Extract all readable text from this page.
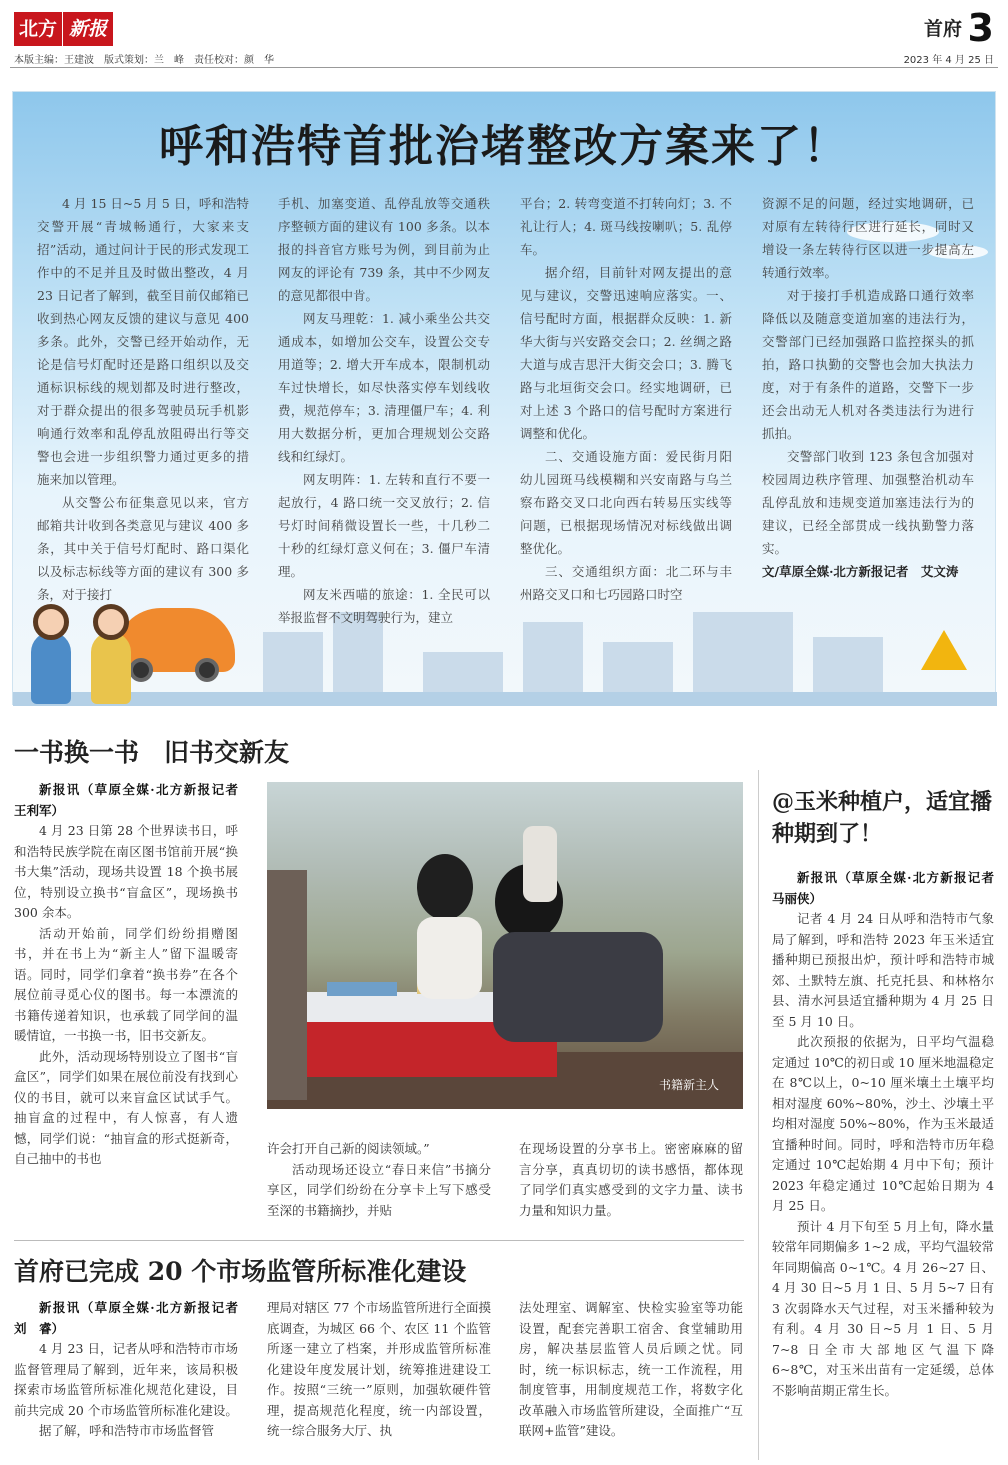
北方 新报
本版主编：王建波　版式策划：兰　峰　责任校对：颜　华
首府 3
2023 年 4 月 25 日
呼和浩特首批治堵整改方案来了！

4 月 15 日~5 月 5 日，呼和浩特交警开展“青城畅通行，大家来支招”活动，通过问计于民的形式发现工作中的不足并且及时做出整改，4 月 23 日记者了解到，截至目前仅邮箱已收到热心网友反馈的建议与意见 400 多条。此外，交警已经开始动作，无论是信号灯配时还是路口组织以及交通标识标线的规划都及时进行整改，对于群众提出的很多驾驶员玩手机影响通行效率和乱停乱放阻碍出行等交警也会进一步组织警力通过更多的措施来加以管理。

从交警公布征集意见以来，官方邮箱共计收到各类意见与建议 400 多条，其中关于信号灯配时、路口渠化以及标志标线等方面的建议有 300 多条，对于接打

手机、加塞变道、乱停乱放等交通秩序整顿方面的建议有 100 多条。以本报的抖音官方账号为例，到目前为止网友的评论有 739 条，其中不少网友的意见都很中肯。

网友马理乾：1. 减小乘坐公共交通成本，如增加公交车，设置公交专用道等；2. 增大开车成本，限制机动车过快增长，如尽快落实停车划线收费，规范停车；3. 清理僵尸车；4. 利用大数据分析，更加合理规划公交路线和红绿灯。

网友明阵：1. 左转和直行不要一起放行，4 路口统一交叉放行；2. 信号灯时间稍微设置长一些，十几秒二十秒的红绿灯意义何在；3. 僵尸车清理。

网友米西喵的旅途：1. 全民可以举报监督不文明驾驶行为，建立

平台；2. 转弯变道不打转向灯；3. 不礼让行人；4. 斑马线按喇叭；5. 乱停车。

据介绍，目前针对网友提出的意见与建议，交警迅速响应落实。一、信号配时方面，根据群众反映：1. 新华大街与兴安路交会口；2. 丝绸之路大道与成吉思汗大街交会口；3. 腾飞路与北垣街交会口。经实地调研，已对上述 3 个路口的信号配时方案进行调整和优化。

二、交通设施方面：爱民街月阳幼儿园斑马线模糊和兴安南路与乌兰察布路交叉口北向西右转易压实线等问题，已根据现场情况对标线做出调整优化。

三、交通组织方面：北二环与丰州路交叉口和七巧园路口时空

资源不足的问题，经过实地调研，已对原有左转待行区进行延长，同时又增设一条左转待行区以进一步提高左转通行效率。

对于接打手机造成路口通行效率降低以及随意变道加塞的违法行为，交警部门已经加强路口监控探头的抓拍，路口执勤的交警也会加大执法力度，对于有条件的道路，交警下一步还会出动无人机对各类违法行为进行抓拍。

交警部门收到 123 条包含加强对校园周边秩序管理、加强整治机动车乱停乱放和违规变道加塞违法行为的建议，已经全部贯成一线执勤警力落实。

文/草原全媒·北方新报记者　艾文涛

一书换一书　旧书交新友

新报讯（草原全媒·北方新报记者　王利军）

4 月 23 日第 28 个世界读书日，呼和浩特民族学院在南区图书馆前开展“换书大集”活动，现场共设置 18 个换书展位，特别设立换书“盲盒区”，现场换书 300 余本。

活动开始前，同学们纷纷捐赠图书，并在书上为“新主人”留下温暖寄语。同时，同学们拿着“换书券”在各个展位前寻觅心仪的图书。每一本漂流的书籍传递着知识，也承载了同学间的温暖情谊，一书换一书，旧书交新友。

此外，活动现场特别设立了图书“盲盒区”，同学们如果在展位前没有找到心仪的书目，就可以来盲盒区试试手气。抽盲盒的过程中，有人惊喜，有人遗憾，同学们说：“抽盲盒的形式挺新奇，自己抽中的书也

书籍新主人

许会打开自己新的阅读领域。”

活动现场还设立“春日来信”书摘分享区，同学们纷纷在分享卡上写下感受至深的书籍摘抄，并贴

在现场设置的分享书上。密密麻麻的留言分享，真真切切的读书感悟，都体现了同学们真实感受到的文字力量、读书力量和知识力量。

@玉米种植户，适宜播种期到了！

新报讯（草原全媒·北方新报记者　马丽侠）

记者 4 月 24 日从呼和浩特市气象局了解到，呼和浩特 2023 年玉米适宜播种期已预报出炉，预计呼和浩特市城郊、土默特左旗、托克托县、和林格尔县、清水河县适宜播种期为 4 月 25 日至 5 月 10 日。

此次预报的依据为，日平均气温稳定通过 10℃的初日或 10 厘米地温稳定在 8℃以上，0~10 厘米壤土土壤平均相对湿度 60%~80%，沙土、沙壤土平均相对湿度 50%~80%，作为玉米最适宜播种时间。同时，呼和浩特市历年稳定通过 10℃起始期 4 月中下旬；预计 2023 年稳定通过 10℃起始日期为 4 月 25 日。

预计 4 月下旬至 5 月上旬，降水量较常年同期偏多 1~2 成，平均气温较常年同期偏高 0~1℃。4 月 26~27 日、4 月 30 日~5 月 1 日、5 月 5~7 日有 3 次弱降水天气过程，对玉米播种较为有利。4 月 30 日~5 月 1 日、5 月 7~8 日全市大部地区气温下降 6~8℃，对玉米出苗有一定延缓，总体不影响苗期正常生长。

首府已完成 20 个市场监管所标准化建设

新报讯（草原全媒·北方新报记者　刘　睿）

4 月 23 日，记者从呼和浩特市市场监督管理局了解到，近年来，该局积极探索市场监管所标准化规范化建设，目前共完成 20 个市场监管所标准化建设。

据了解，呼和浩特市市场监督管

理局对辖区 77 个市场监管所进行全面摸底调查，为城区 66 个、农区 11 个监管所逐一建立了档案，并形成监管所标准化建设年度发展计划，统筹推进建设工作。按照“三统一”原则，加强软硬件管理，提高规范化程度，统一内部设置，统一综合服务大厅、执

法处理室、调解室、快检实验室等功能设置，配套完善职工宿舍、食堂辅助用房，解决基层监管人员后顾之忧。同时，统一标识标志，统一工作流程，用制度管事，用制度规范工作，将数字化改革融入市场监管所建设，全面推广“互联网+监管”建设。
